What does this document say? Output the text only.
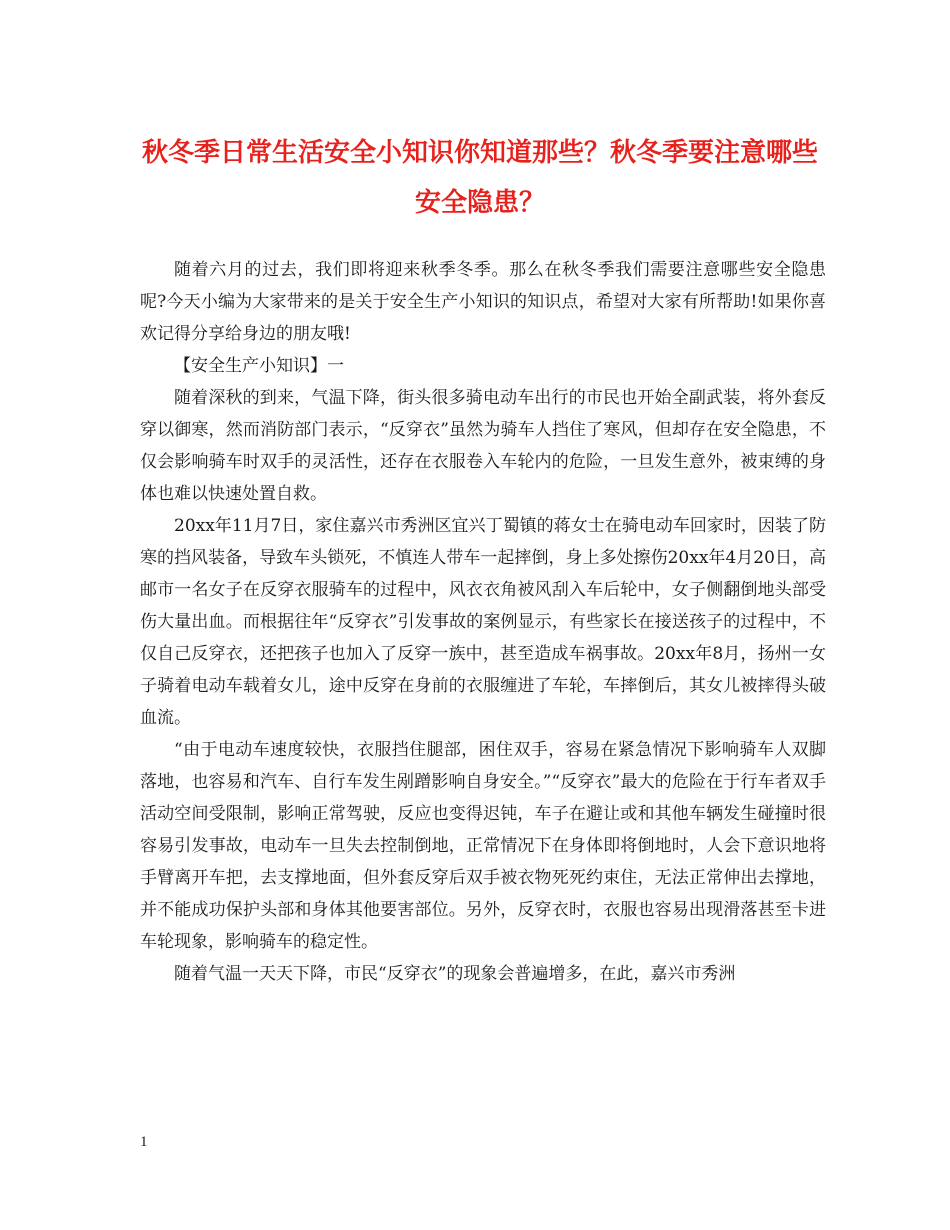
秋冬季日常生活安全小知识你知道那些？秋冬季要注意哪些安全隐患？

随着六月的过去，我们即将迎来秋季冬季。那么在秋冬季我们需要注意哪些安全隐患呢?今天小编为大家带来的是关于安全生产小知识的知识点，希望对大家有所帮助!如果你喜欢记得分享给身边的朋友哦!

【安全生产小知识】一

随着深秋的到来，气温下降，街头很多骑电动车出行的市民也开始全副武装，将外套反穿以御寒，然而消防部门表示，“反穿衣”虽然为骑车人挡住了寒风，但却存在安全隐患，不仅会影响骑车时双手的灵活性，还存在衣服卷入车轮内的危险，一旦发生意外，被束缚的身体也难以快速处置自救。

20xx年11月7日，家住嘉兴市秀洲区宜兴丁蜀镇的蒋女士在骑电动车回家时，因装了防寒的挡风装备，导致车头锁死，不慎连人带车一起摔倒，身上多处擦伤20xx年4月20日，高邮市一名女子在反穿衣服骑车的过程中，风衣衣角被风刮入车后轮中，女子侧翻倒地头部受伤大量出血。而根据往年“反穿衣”引发事故的案例显示，有些家长在接送孩子的过程中，不仅自己反穿衣，还把孩子也加入了反穿一族中，甚至造成车祸事故。20xx年8月，扬州一女子骑着电动车载着女儿，途中反穿在身前的衣服缠进了车轮，车摔倒后，其女儿被摔得头破血流。

“由于电动车速度较快，衣服挡住腿部，困住双手，容易在紧急情况下影响骑车人双脚落地，也容易和汽车、自行车发生剐蹭影响自身安全。”“反穿衣”最大的危险在于行车者双手活动空间受限制，影响正常驾驶，反应也变得迟钝，车子在避让或和其他车辆发生碰撞时很容易引发事故，电动车一旦失去控制倒地，正常情况下在身体即将倒地时，人会下意识地将手臂离开车把，去支撑地面，但外套反穿后双手被衣物死死约束住，无法正常伸出去撑地，并不能成功保护头部和身体其他要害部位。另外，反穿衣时，衣服也容易出现滑落甚至卡进车轮现象，影响骑车的稳定性。

随着气温一天天下降，市民“反穿衣”的现象会普遍增多，在此，嘉兴市秀洲

1
